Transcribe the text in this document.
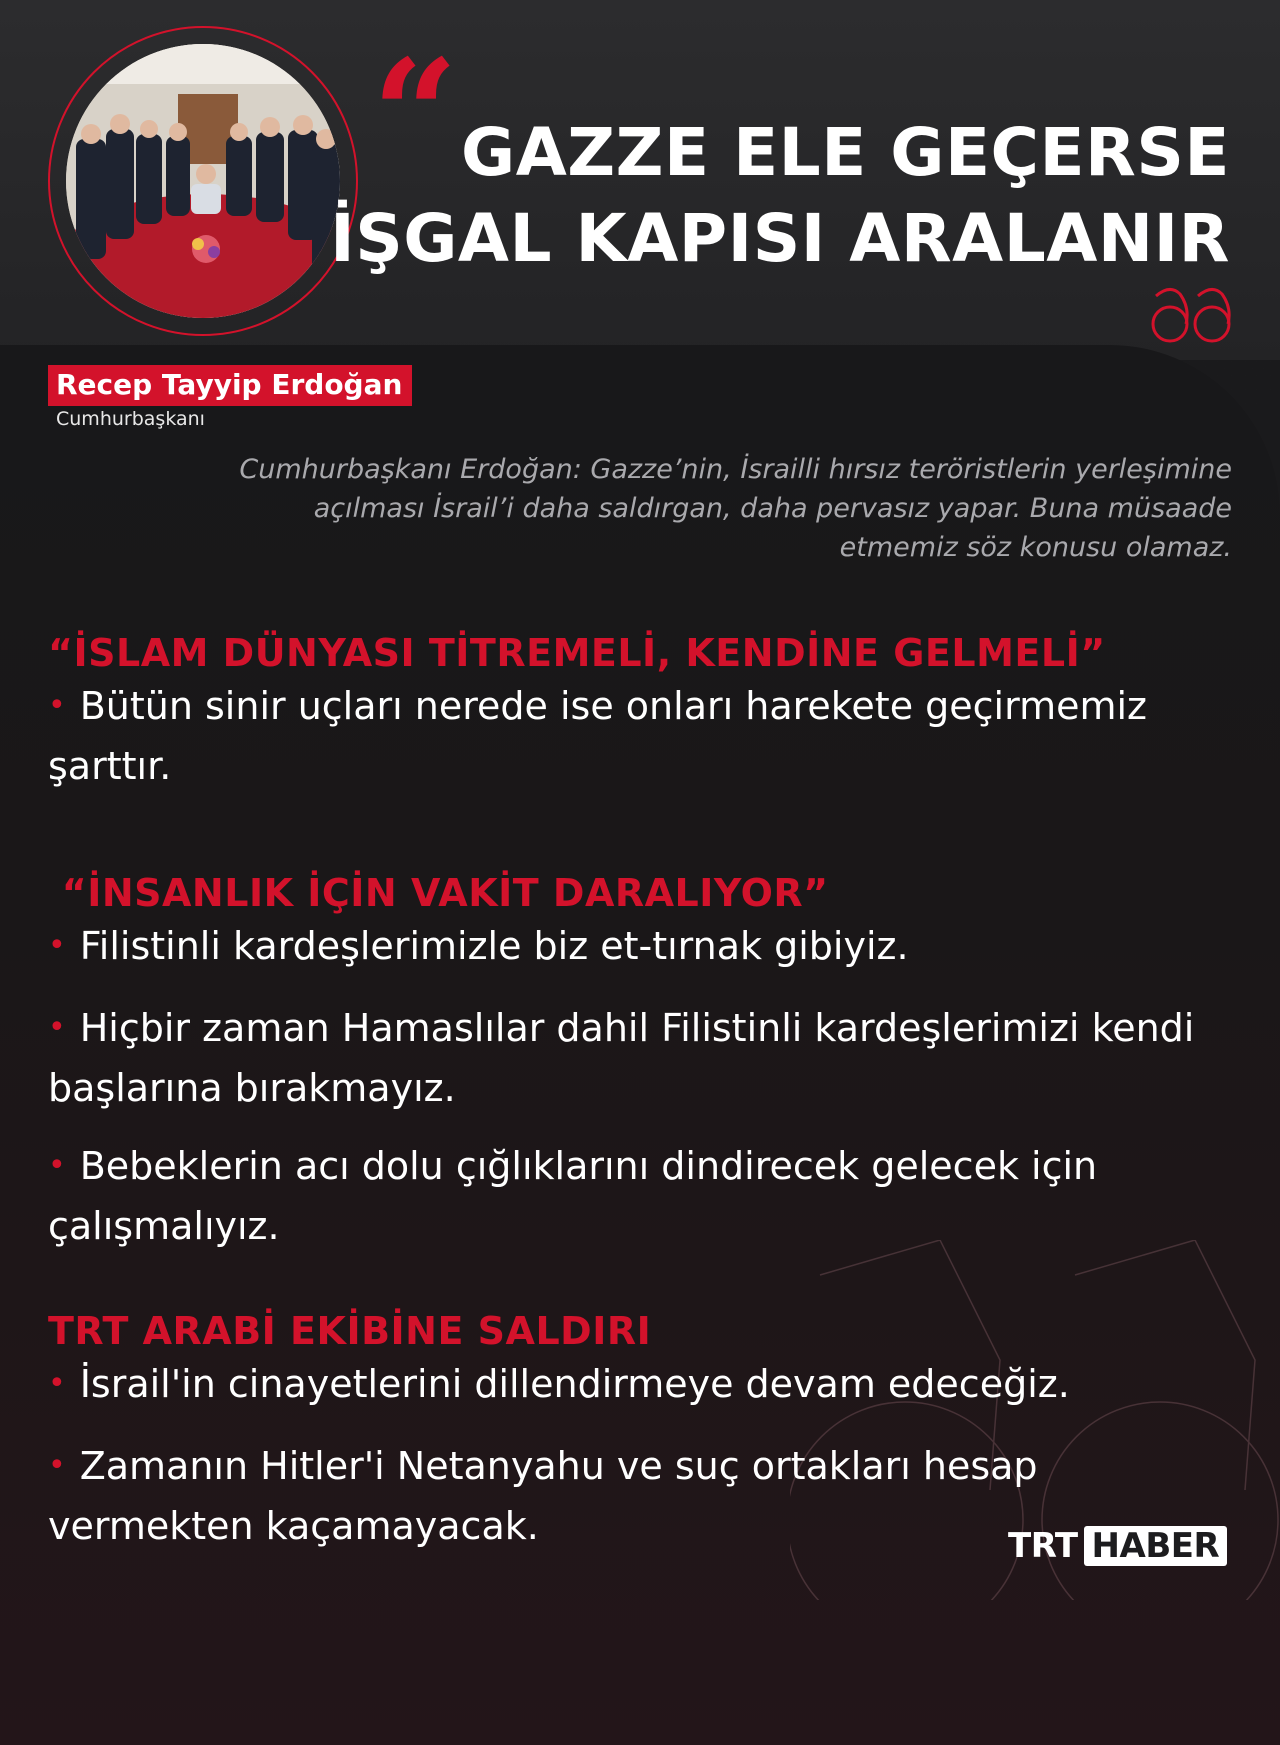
“ GAZZE ELE GEÇERSE
İŞGAL KAPISI ARALANIR
Recep Tayyip Erdoğan
Cumhurbaşkanı
Cumhurbaşkanı Erdoğan: Gazze’nin, İsrailli hırsız teröristlerin yerleşimine açılması İsrail’i daha saldırgan, daha pervasız yapar. Buna müsaade etmemiz söz konusu olamaz.

“İSLAM DÜNYASI TİTREMELİ, KENDİNE GELMELİ”

• Bütün sinir uçları nerede ise onları harekete geçirmemiz şarttır.

“İNSANLIK İÇİN VAKİT DARALIYOR”

• Filistinli kardeşlerimizle biz et-tırnak gibiyiz.

• Hiçbir zaman Hamaslılar dahil Filistinli kardeşlerimizi kendi başlarına bırakmayız.

• Bebeklerin acı dolu çığlıklarını dindirecek gelecek için çalışmalıyız.

TRT ARABİ EKİBİNE SALDIRI

• İsrail'in cinayetlerini dillendirmeye devam edeceğiz.

• Zamanın Hitler'i Netanyahu ve suç ortakları hesap vermekten kaçamayacak.	TRT HABER
